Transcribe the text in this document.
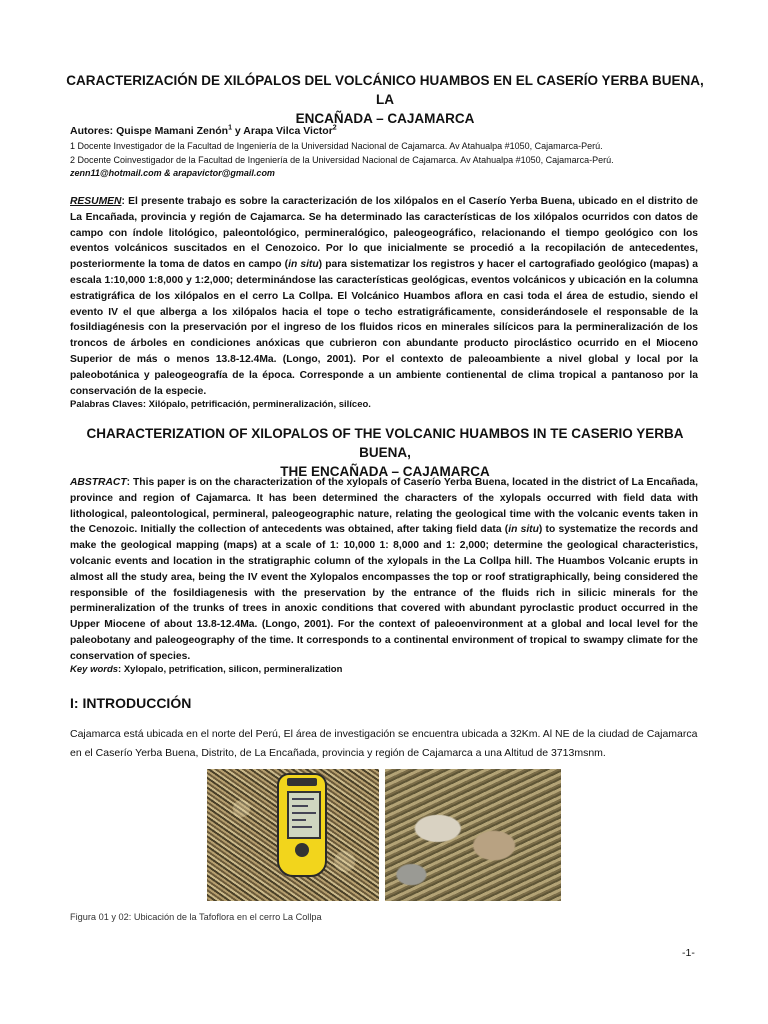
CARACTERIZACIÓN DE XILÓPALOS DEL VOLCÁNICO HUAMBOS EN EL CASERÍO YERBA BUENA, LA
ENCAÑADA – CAJAMARCA
Autores: Quispe Mamani Zenón$^1$ y Arapa Vilca Victor$^2$
1 Docente Investigador de la Facultad de Ingeniería de la Universidad Nacional de Cajamarca. Av Atahualpa #1050, Cajamarca-Perú.
2 Docente Coinvestigador de la Facultad de Ingeniería de la Universidad Nacional de Cajamarca. Av Atahualpa #1050, Cajamarca-Perú.
zenn11@hotmail.com & arapavictor@gmail.com
RESUMEN: El presente trabajo es sobre la caracterización de los xilópalos en el Caserío Yerba Buena, ubicado en el distrito de La Encañada, provincia y región de Cajamarca. Se ha determinado las características de los xilópalos ocurridos con datos de campo con índole litológico, paleontológico, permineralógico, paleogeográfico, relacionando el tiempo geológico con los eventos volcánicos suscitados en el Cenozoico. Por lo que inicialmente se procedió a la recopilación de antecedentes, posteriormente la toma de datos en campo (in situ) para sistematizar los registros y hacer el cartografiado geológico (mapas) a escala 1:10,000 1:8,000 y 1:2,000; determinándose las características geológicas, eventos volcánicos y ubicación en la columna estratigráfica de los xilópalos en el cerro La Collpa. El Volcánico Huambos aflora en casi toda el área de estudio, siendo el evento IV el que alberga a los xilópalos hacia el tope o techo estratigráficamente, considerándosele el responsable de la fosildiagénesis con la preservación por el ingreso de los fluidos ricos en minerales silícicos para la permineralización de los troncos de árboles en condiciones anóxicas que cubrieron con abundante producto piroclástico ocurrido en el Mioceno Superior de más o menos 13.8-12.4Ma. (Longo, 2001). Por el contexto de paleoambiente a nivel global y local por la paleobotánica y paleogeografía de la época. Corresponde a un ambiente contienental de clima tropical a pantanoso por la conservación de la especie.
Palabras Claves: Xilópalo, petrificación, permineralización, silíceo.
CHARACTERIZATION OF XILOPALOS OF THE VOLCANIC HUAMBOS IN TE CASERIO YERBA BUENA,
THE ENCAÑADA – CAJAMARCA
ABSTRACT: This paper is on the characterization of the xylopals of Caserío Yerba Buena, located in the district of La Encañada, province and region of Cajamarca. It has been determined the characters of the xylopals occurred with field data with lithological, paleontological, permineral, paleogeographic nature, relating the geological time with the volcanic events taken in the Cenozoic. Initially the collection of antecedents was obtained, after taking field data (in situ) to systematize the records and make the geological mapping (maps) at a scale of 1: 10,000 1: 8,000 and 1: 2,000; determine the geological characteristics, volcanic events and location in the stratigraphic column of the xylopals in the La Collpa hill. The Huambos Volcanic erupts in almost all the study area, being the IV event the Xylopalos encompasses the top or roof stratigraphically, being considered the responsible of the fosildiagenesis with the preservation by the entrance of the fluids rich in silicic minerals for the permineralization of the trunks of trees in anoxic conditions that covered with abundant pyroclastic product occurred in the Upper Miocene of about 13.8-12.4Ma. (Longo, 2001). For the context of paleoenvironment at a global and local level for the paleobotany and paleogeography of the time. It corresponds to a continental environment of tropical to swampy climate for the conservation of species.
Key words: Xylopalo, petrification, silicon, permineralization
I: INTRODUCCIÓN
Cajamarca está ubicada en el norte del Perú, El área de investigación se encuentra ubicada a 32Km. Al NE de la ciudad de Cajamarca en el Caserío Yerba Buena, Distrito, de La Encañada, provincia y región de Cajamarca a una Altitud de 3713msnm.
Figura 01 y 02: Ubicación de la Tafoflora en el cerro La Collpa
-1-
